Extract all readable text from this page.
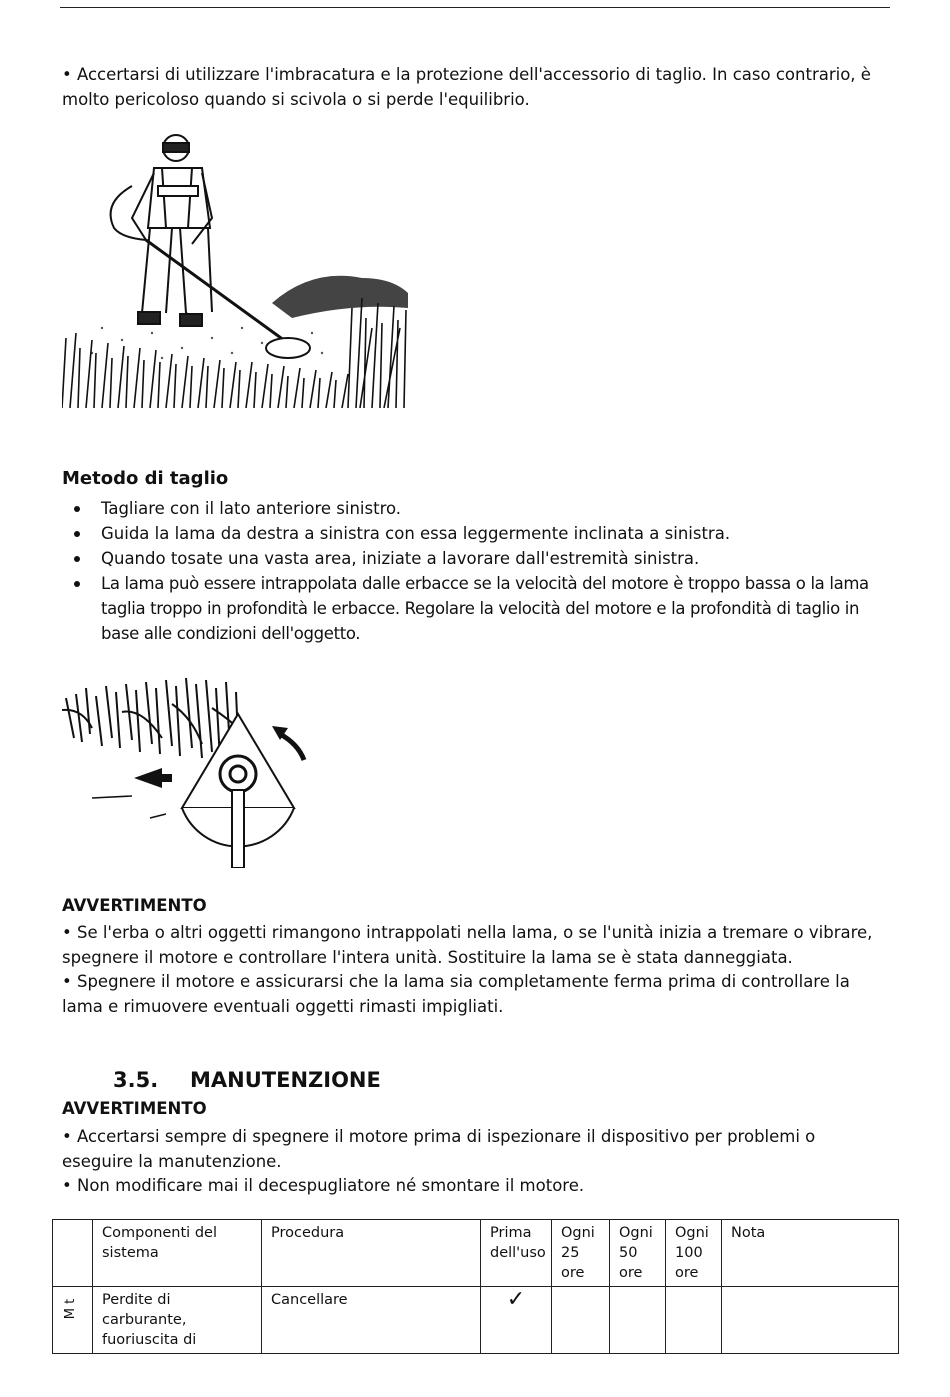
• Accertarsi di utilizzare l'imbracatura e la protezione dell'accessorio di taglio. In caso contrario, è molto pericoloso quando si scivola o si perde l'equilibrio.

Metodo di taglio

Tagliare con il lato anteriore sinistro.
Guida la lama da destra a sinistra con essa leggermente inclinata a sinistra.
Quando tosate una vasta area, iniziate a lavorare dall'estremità sinistra.
La lama può essere intrappolata dalle erbacce se la velocità del motore è troppo bassa o la lama taglia troppo in profondità le erbacce. Regolare la velocità del motore e la profondità di taglio in base alle condizioni dell'oggetto.

AVVERTIMENTO

• Se l'erba o altri oggetti rimangono intrappolati nella lama, o se l'unità inizia a tremare o vibrare, spegnere il motore e controllare l'intera unità. Sostituire la lama se è stata danneggiata.

• Spegnere il motore e assicurarsi che la lama sia completamente ferma prima di controllare la lama e rimuovere eventuali oggetti rimasti impigliati.

3.5. MANUTENZIONE

AVVERTIMENTO

• Accertarsi sempre di spegnere il motore prima di ispezionare il dispositivo per problemi o eseguire la manutenzione.

• Non modificare mai il decespugliatore né smontare il motore.

	Componenti del sistema	Procedura	Prima dell'uso	Ogni 25 ore	Ogni 50 ore	Ogni 100 ore	Nota
M t	Perdite di carburante, fuoriuscita di	Cancellare	✓				
